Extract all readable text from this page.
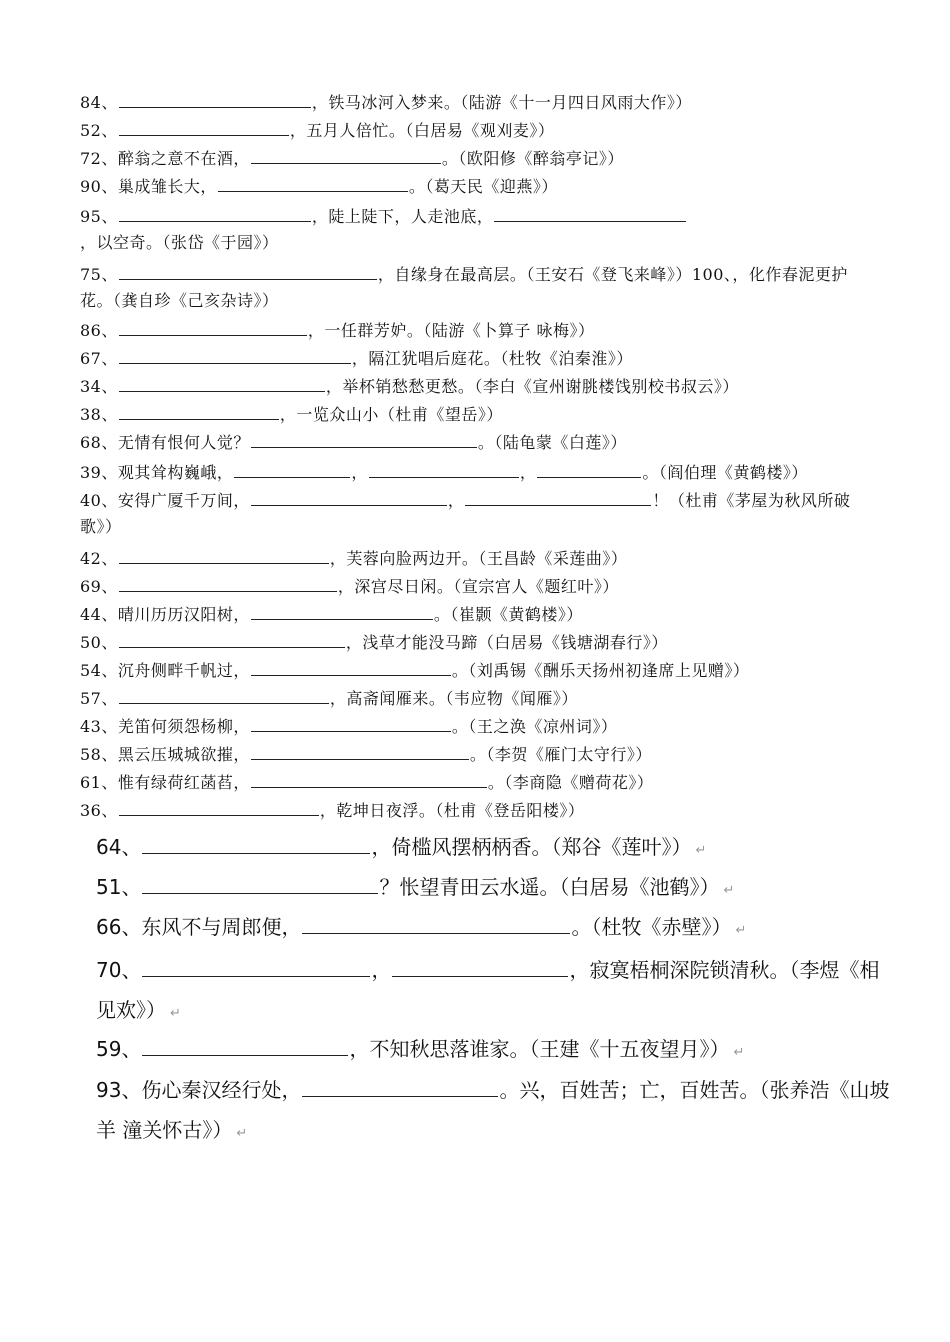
84、	，铁马冰河入梦来。（陆游《十一月四日风雨大作》）
52、	，五月人倍忙。（白居易《观刈麦》）
72、醉翁之意不在酒，	。（欧阳修《醉翁亭记》）
90、巢成雏长大，	。（葛天民《迎燕》）
95、	，陡上陡下，人走池底，，以空奇。（张岱《于园》）
75、	，自缘身在最高层。（王安石《登飞来峰》）100、，化作春泥更护花。（龚自珍《己亥杂诗》）
86、	，一任群芳妒。（陆游《卜算子 咏梅》）
67、	，隔江犹唱后庭花。（杜牧《泊秦淮》）
34、	，举杯销愁愁更愁。（李白《宣州谢朓楼饯别校书叔云》）
38、	，一览众山小（杜甫《望岳》）
68、无情有恨何人觉？	。（陆龟蒙《白莲》）
39、观其耸构巍峨，	，	，	。（阎伯理《黄鹤楼》）
40、安得广厦千万间，	，	！（杜甫《茅屋为秋风所破歌》）
42、	，芙蓉向脸两边开。（王昌龄《采莲曲》）
69、	，深宫尽日闲。（宣宗宫人《题红叶》）
44、晴川历历汉阳树，	。（崔颢《黄鹤楼》）
50、	，浅草才能没马蹄（白居易《钱塘湖春行》）
54、沉舟侧畔千帆过，	。（刘禹锡《酬乐天扬州初逢席上见赠》）
57、	，高斋闻雁来。（韦应物《闻雁》）
43、羌笛何须怨杨柳，	。（王之涣《凉州词》）
58、黑云压城城欲摧，	。（李贺《雁门太守行》）
61、惟有绿荷红菡萏，	。（李商隐《赠荷花》）
36、	，乾坤日夜浮。（杜甫《登岳阳楼》）
64、	，倚槛风摆柄柄香。（郑谷《莲叶》） ↵
51、	？怅望青田云水遥。（白居易《池鹤》） ↵
66、东风不与周郎便，	。（杜牧《赤壁》） ↵
70、	，	，寂寞梧桐深院锁清秋。（李煜《相见欢》） ↵
59、	，不知秋思落谁家。（王建《十五夜望月》） ↵
93、伤心秦汉经行处，	。兴，百姓苦；亡，百姓苦。（张养浩《山坡羊 潼关怀古》） ↵
